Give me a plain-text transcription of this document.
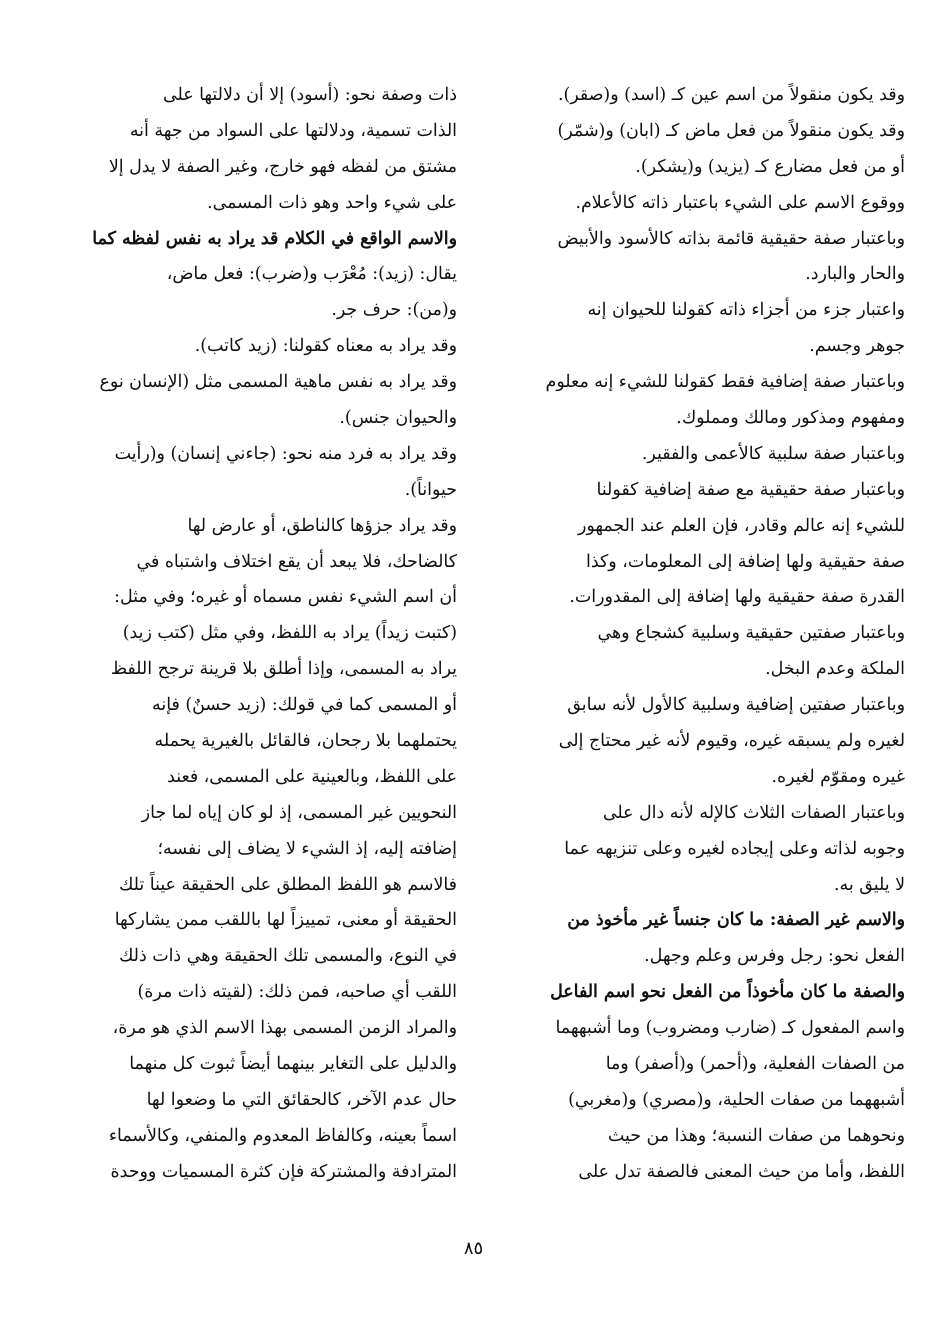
وقد يكون منقولاً من اسم عين كـ (اسد) و(صقر).
وقد يكون منقولاً من فعل ماض كـ (ابان) و(شمّر)
أو من فعل مضارع كـ (يزيد) و(يشكر).
ووقوع الاسم على الشيء باعتبار ذاته كالأعلام.
وباعتبار صفة حقيقية قائمة بذاته كالأسود والأبيض
والحار والبارد.
واعتبار جزء من أجزاء ذاته كقولنا للحيوان إنه
جوهر وجسم.
وباعتبار صفة إضافية فقط كقولنا للشيء إنه معلوم
ومفهوم ومذكور ومالك ومملوك.
وباعتبار صفة سلبية كالأعمى والفقير.
وباعتبار صفة حقيقية مع صفة إضافية كقولنا
للشيء إنه عالم وقادر، فإن العلم عند الجمهور
صفة حقيقية ولها إضافة إلى المعلومات، وكذا
القدرة صفة حقيقية ولها إضافة إلى المقدورات.
وباعتبار صفتين حقيقية وسلبية كشجاع وهي
الملكة وعدم البخل.
وباعتبار صفتين إضافية وسلبية كالأول لأنه سابق
لغيره ولم يسبقه غيره، وقيوم لأنه غير محتاج إلى
غيره ومقوّم لغيره.
وباعتبار الصفات الثلاث كالإله لأنه دال على
وجوبه لذاته وعلى إيجاده لغيره وعلى تنزيهه عما
لا يليق به.
والاسم غير الصفة: ما كان جنساً غير مأخوذ من
الفعل نحو: رجل وفرس وعلم وجهل.
والصفة ما كان مأخوذاً من الفعل نحو اسم الفاعل
واسم المفعول كـ (ضارب ومضروب) وما أشبههما
من الصفات الفعلية، و(أحمر) و(أصفر) وما
أشبههما من صفات الحلية، و(مصري) و(مغربي)
ونحوهما من صفات النسبة؛ وهذا من حيث
اللفظ، وأما من حيث المعنى فالصفة تدل على
ذات وصفة نحو: (أسود) إلا أن دلالتها على
الذات تسمية، ودلالتها على السواد من جهة أنه
مشتق من لفظه فهو خارج، وغير الصفة لا يدل إلا
على شيء واحد وهو ذات المسمى.
والاسم الواقع في الكلام قد يراد به نفس لفظه كما
يقال: (زيد): مُعْرَب و(ضرب): فعل ماض،
و(من): حرف جر.
وقد يراد به معناه كقولنا: (زيد كاتب).
وقد يراد به نفس ماهية المسمى مثل (الإنسان نوع
والحيوان جنس).
وقد يراد به فرد منه نحو: (جاءني إنسان) و(رأيت
حيواناً).
وقد يراد جزؤها كالناطق، أو عارض لها
كالضاحك، فلا يبعد أن يقع اختلاف واشتباه في
أن اسم الشيء نفس مسماه أو غيره؛ وفي مثل:
(كتبت زيداً) يراد به اللفظ، وفي مثل (كتب زيد)
يراد به المسمى، وإذا أطلق بلا قرينة ترجح اللفظ
أو المسمى كما في قولك: (زيد حسنٌ) فإنه
يحتملهما بلا رجحان، فالقائل بالغيرية يحمله
على اللفظ، وبالعينية على المسمى، فعند
النحويين غير المسمى، إذ لو كان إياه لما جاز
إضافته إليه، إذ الشيء لا يضاف إلى نفسه؛
فالاسم هو اللفظ المطلق على الحقيقة عيناً تلك
الحقيقة أو معنى، تمييزاً لها باللقب ممن يشاركها
في النوع، والمسمى تلك الحقيقة وهي ذات ذلك
اللقب أي صاحبه، فمن ذلك: (لقيته ذات مرة)
والمراد الزمن المسمى بهذا الاسم الذي هو مرة،
والدليل على التغاير بينهما أيضاً ثبوت كل منهما
حال عدم الآخر، كالحقائق التي ما وضعوا لها
اسماً بعينه، وكالفاظ المعدوم والمنفي، وكالأسماء
المترادفة والمشتركة فإن كثرة المسميات ووحدة
٨٥
